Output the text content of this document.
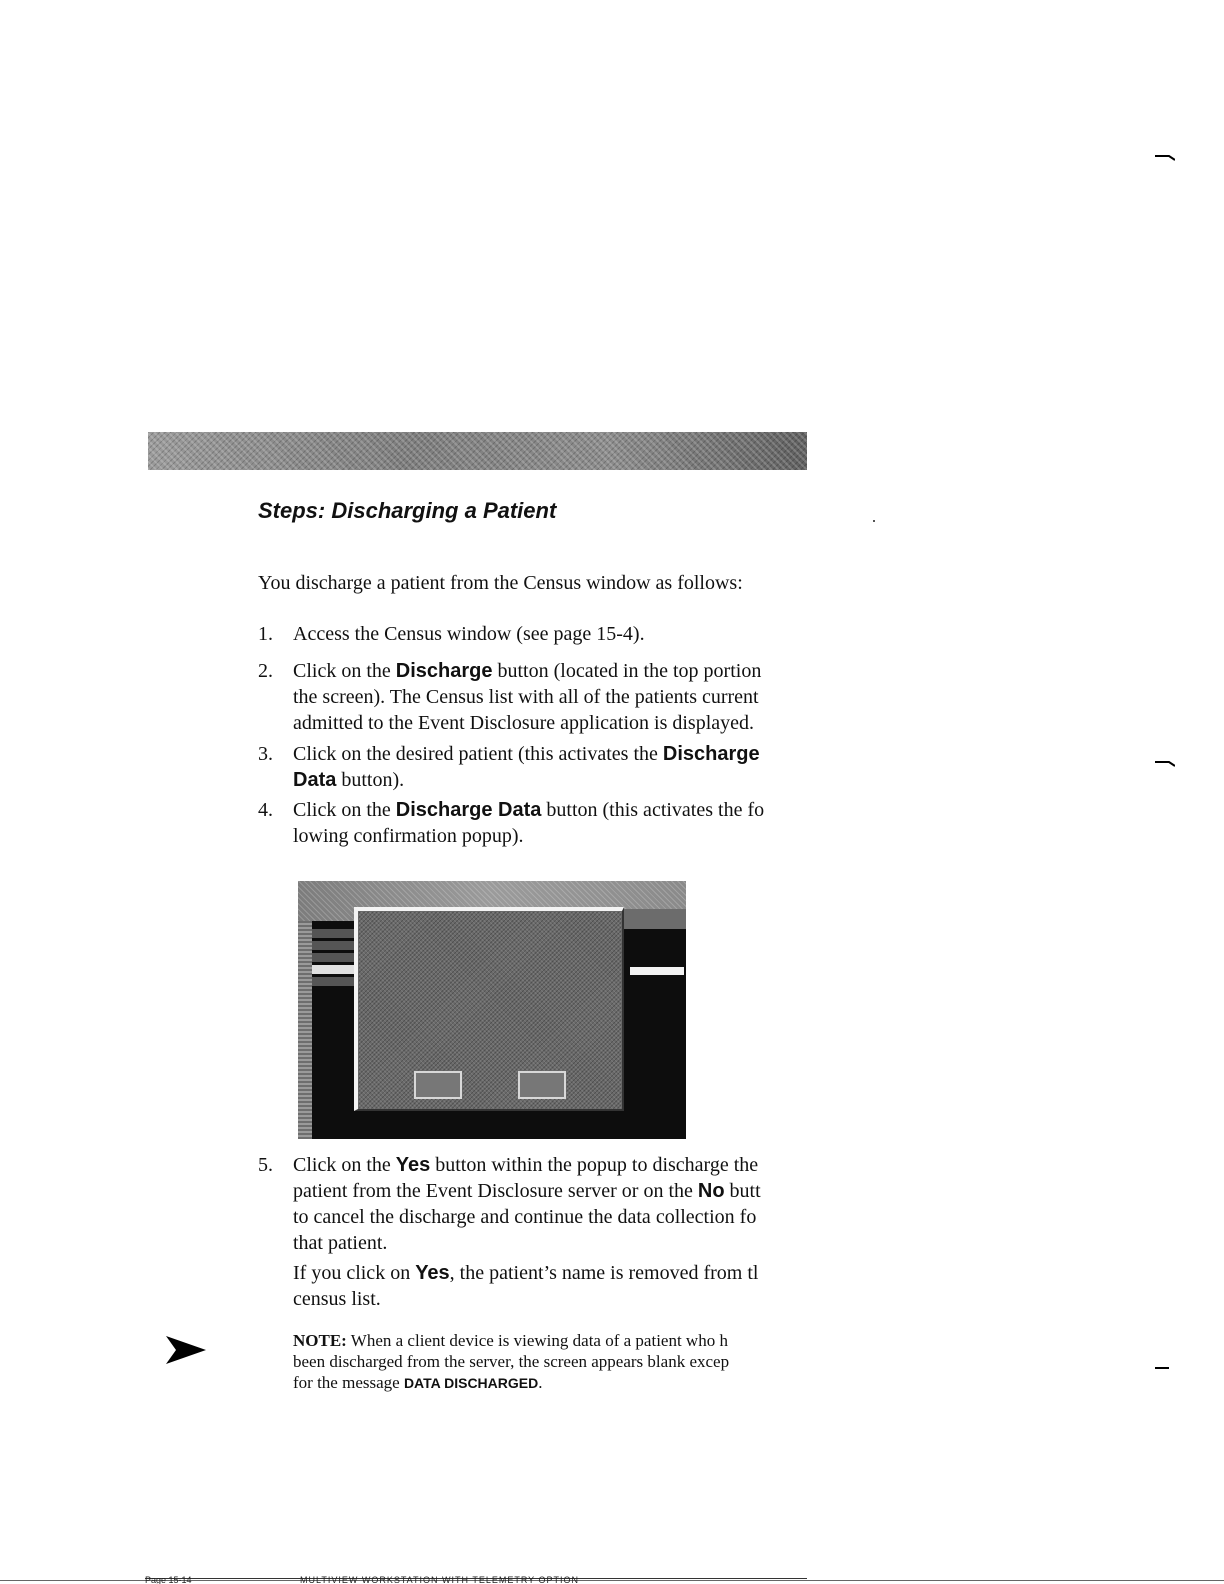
Steps: Discharging a Patient

You discharge a patient from the Census window as follows:

1. Access the Census window (see page 15-4).
2. Click on the Discharge button (located in the top portion
the screen). The Census list with all of the patients current
admitted to the Event Disclosure application is displayed.
3. Click on the desired patient (this activates the Discharge
Data button).
4. Click on the Discharge Data button (this activates the fo
lowing confirmation popup).
5. Click on the Yes button within the popup to discharge the
patient from the Event Disclosure server or on the No butt
to cancel the discharge and continue the data collection fo
that patient.
If you click on Yes, the patient’s name is removed from tl
census list.
NOTE: When a client device is viewing data of a patient who h
been discharged from the server, the screen appears blank excep
for the message DATA DISCHARGED.
Page 15-14	MULTIVIEW WORKSTATION WITH TELEMETRY OPTION
